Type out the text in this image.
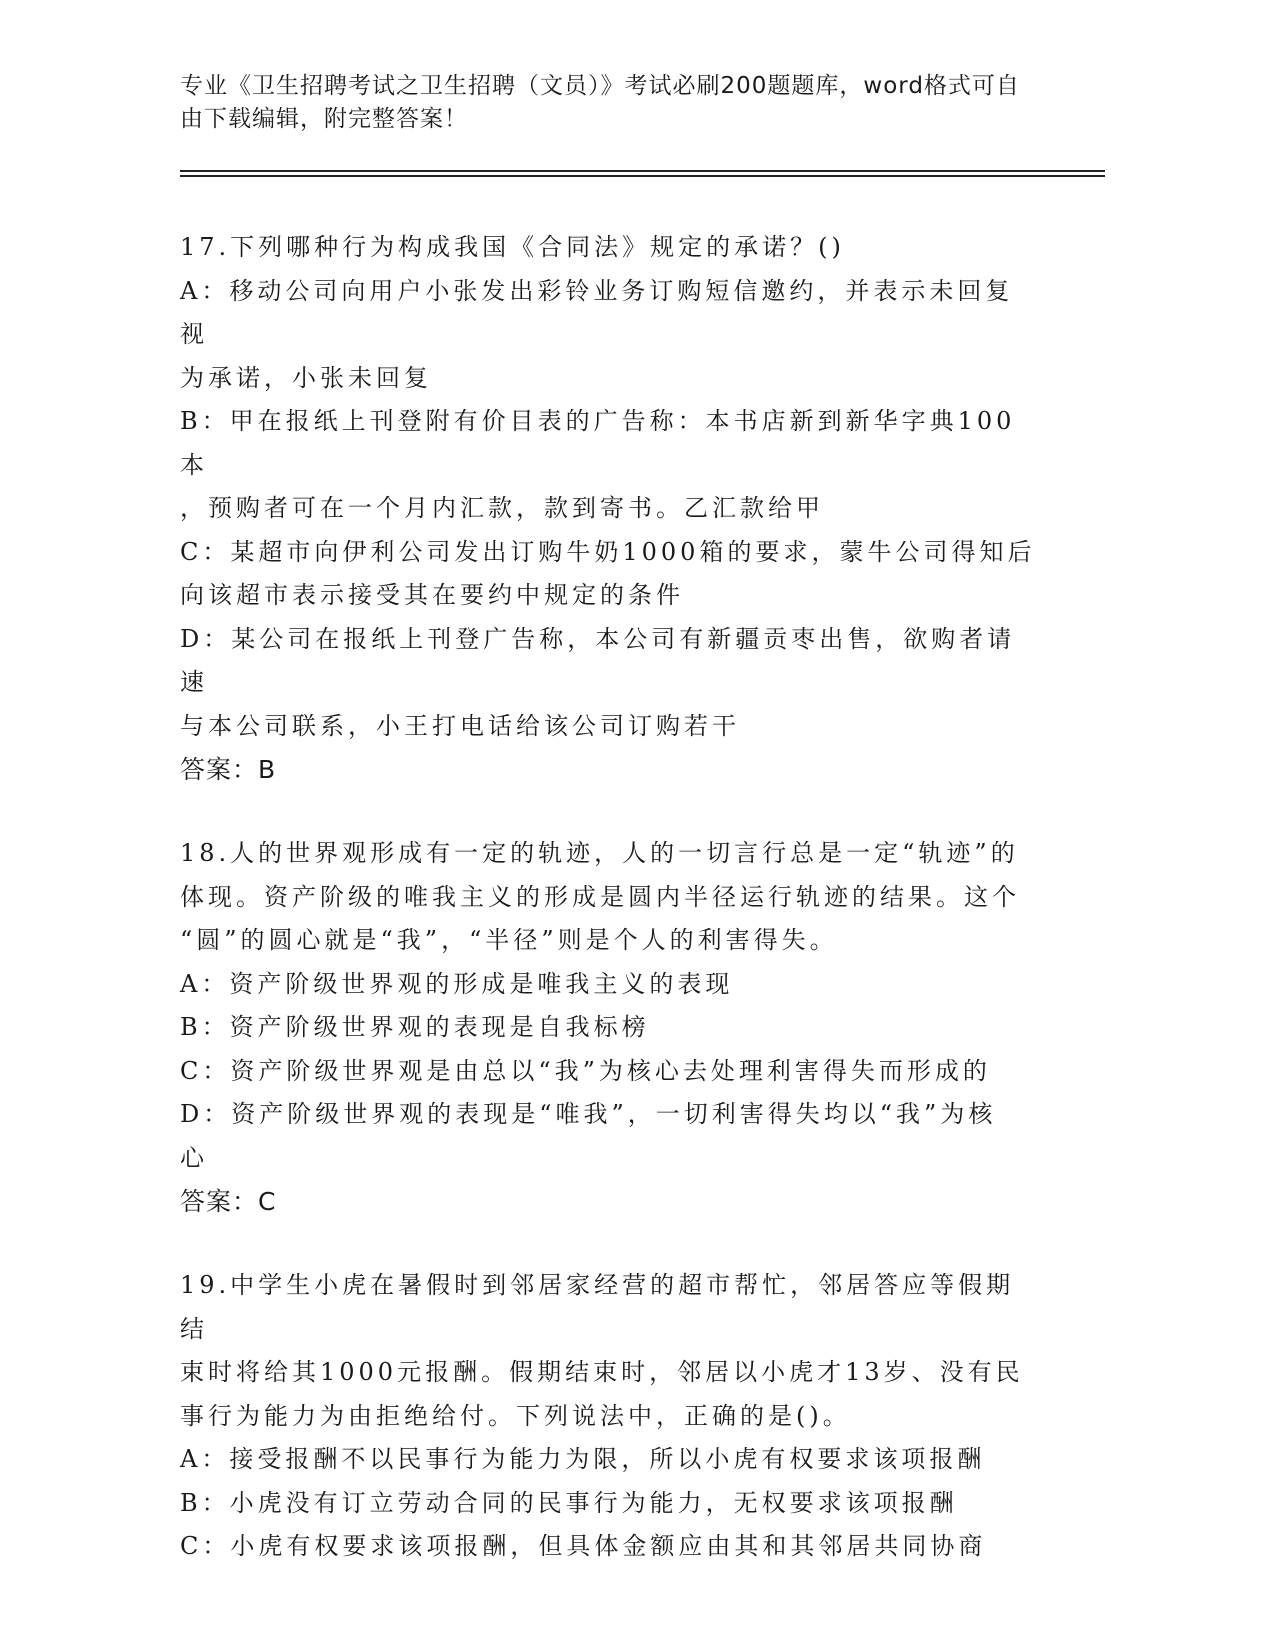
专业《卫生招聘考试之卫生招聘（文员）》考试必刷200题题库，word格式可自
由下载编辑，附完整答案！

17.下列哪种行为构成我国《合同法》规定的承诺？()

A：移动公司向用户小张发出彩铃业务订购短信邀约，并表示未回复视

为承诺，小张未回复

B：甲在报纸上刊登附有价目表的广告称：本书店新到新华字典100本

，预购者可在一个月内汇款，款到寄书。乙汇款给甲

C：某超市向伊利公司发出订购牛奶1000箱的要求，蒙牛公司得知后

向该超市表示接受其在要约中规定的条件

D：某公司在报纸上刊登广告称，本公司有新疆贡枣出售，欲购者请速

与本公司联系，小王打电话给该公司订购若干

答案：B

18.人的世界观形成有一定的轨迹，人的一切言行总是一定“轨迹”的

体现。资产阶级的唯我主义的形成是圆内半径运行轨迹的结果。这个

“圆”的圆心就是“我”，“半径”则是个人的利害得失。

A：资产阶级世界观的形成是唯我主义的表现

B：资产阶级世界观的表现是自我标榜

C：资产阶级世界观是由总以“我”为核心去处理利害得失而形成的

D：资产阶级世界观的表现是“唯我”，一切利害得失均以“我”为核

心

答案：C

19.中学生小虎在暑假时到邻居家经营的超市帮忙，邻居答应等假期结

束时将给其1000元报酬。假期结束时，邻居以小虎才13岁、没有民

事行为能力为由拒绝给付。下列说法中，正确的是()。

A：接受报酬不以民事行为能力为限，所以小虎有权要求该项报酬

B：小虎没有订立劳动合同的民事行为能力，无权要求该项报酬

C：小虎有权要求该项报酬，但具体金额应由其和其邻居共同协商
